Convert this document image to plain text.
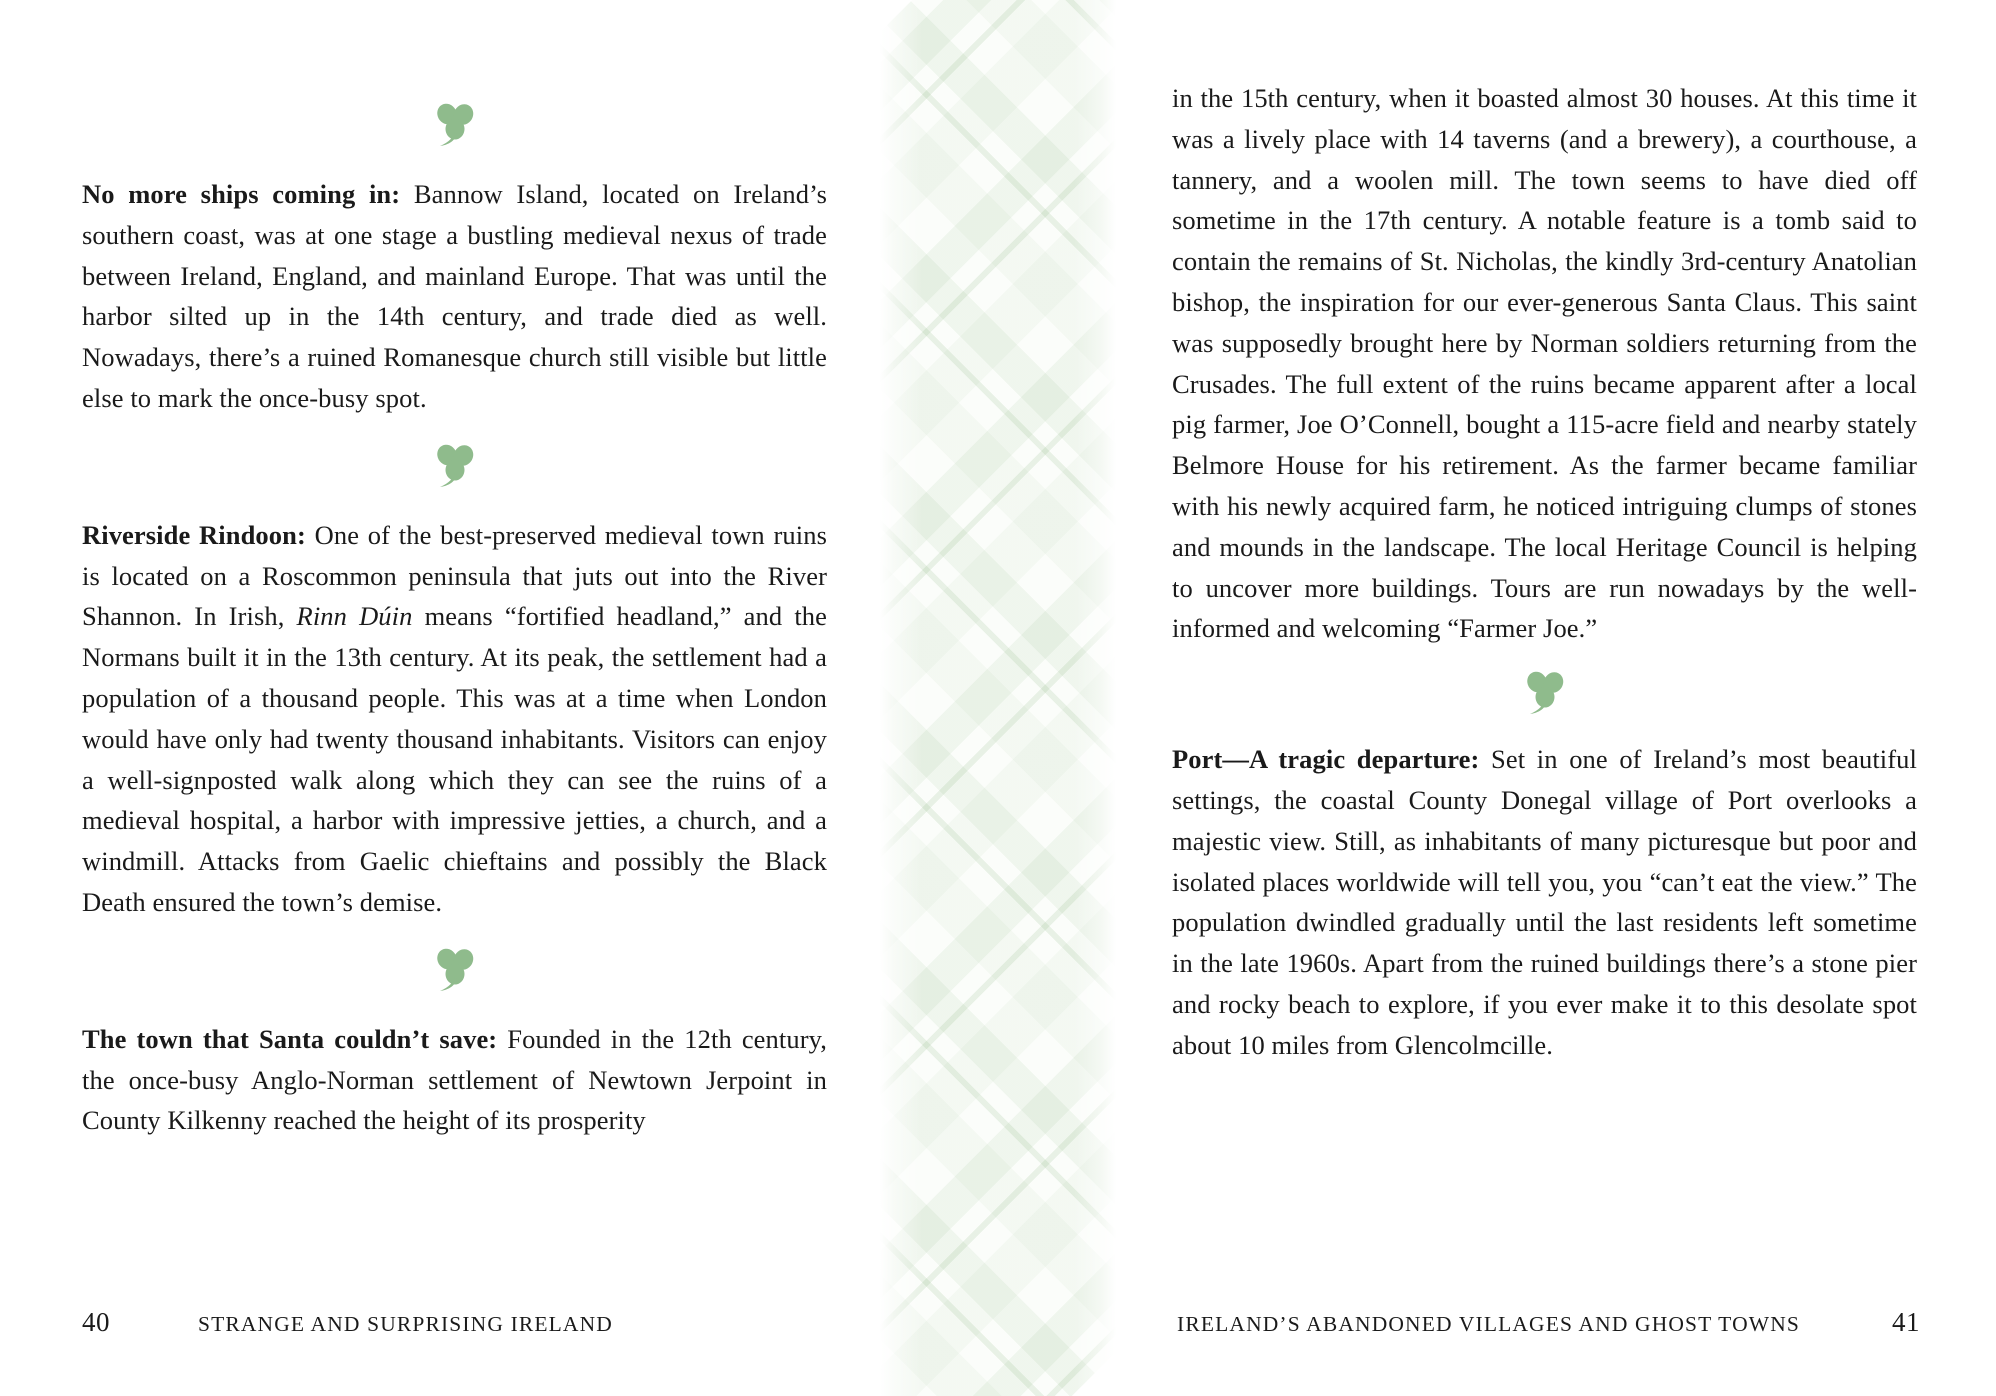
No more ships coming in: Bannow Island, located on Ireland’s southern coast, was at one stage a bustling medieval nexus of trade between Ireland, England, and mainland Europe. That was until the harbor silted up in the 14th century, and trade died as well. Nowadays, there’s a ruined Romanesque church still visible but little else to mark the once-busy spot.

Riverside Rindoon: One of the best-preserved medieval town ruins is located on a Roscommon peninsula that juts out into the River Shannon. In Irish, Rinn Dúin means “fortified headland,” and the Normans built it in the 13th century. At its peak, the settlement had a population of a thousand people. This was at a time when London would have only had twenty thousand inhabitants. Visitors can enjoy a well-signposted walk along which they can see the ruins of a medieval hospital, a harbor with impressive jetties, a church, and a windmill. Attacks from Gaelic chieftains and possibly the Black Death ensured the town’s demise.

The town that Santa couldn’t save: Founded in the 12th century, the once-busy Anglo-Norman settlement of Newtown Jerpoint in County Kilkenny reached the height of its prosperity

40	STRANGE AND SURPRISING IRELAND

in the 15th century, when it boasted almost 30 houses. At this time it was a lively place with 14 taverns (and a brewery), a courthouse, a tannery, and a woolen mill. The town seems to have died off sometime in the 17th century. A notable feature is a tomb said to contain the remains of St. Nicholas, the kindly 3rd-century Anatolian bishop, the inspiration for our ever-generous Santa Claus. This saint was supposedly brought here by Norman soldiers returning from the Crusades. The full extent of the ruins became apparent after a local pig farmer, Joe O’Connell, bought a 115-acre field and nearby stately Belmore House for his retirement. As the farmer became familiar with his newly acquired farm, he noticed intriguing clumps of stones and mounds in the landscape. The local Heritage Council is helping to uncover more buildings. Tours are run nowadays by the well-informed and welcoming “Farmer Joe.”

Port—A tragic departure: Set in one of Ireland’s most beautiful settings, the coastal County Donegal village of Port overlooks a majestic view. Still, as inhabitants of many picturesque but poor and isolated places worldwide will tell you, you “can’t eat the view.” The population dwindled gradually until the last residents left sometime in the late 1960s. Apart from the ruined buildings there’s a stone pier and rocky beach to explore, if you ever make it to this desolate spot about 10 miles from Glencolmcille.

IRELAND’S ABANDONED VILLAGES AND GHOST TOWNS	41
